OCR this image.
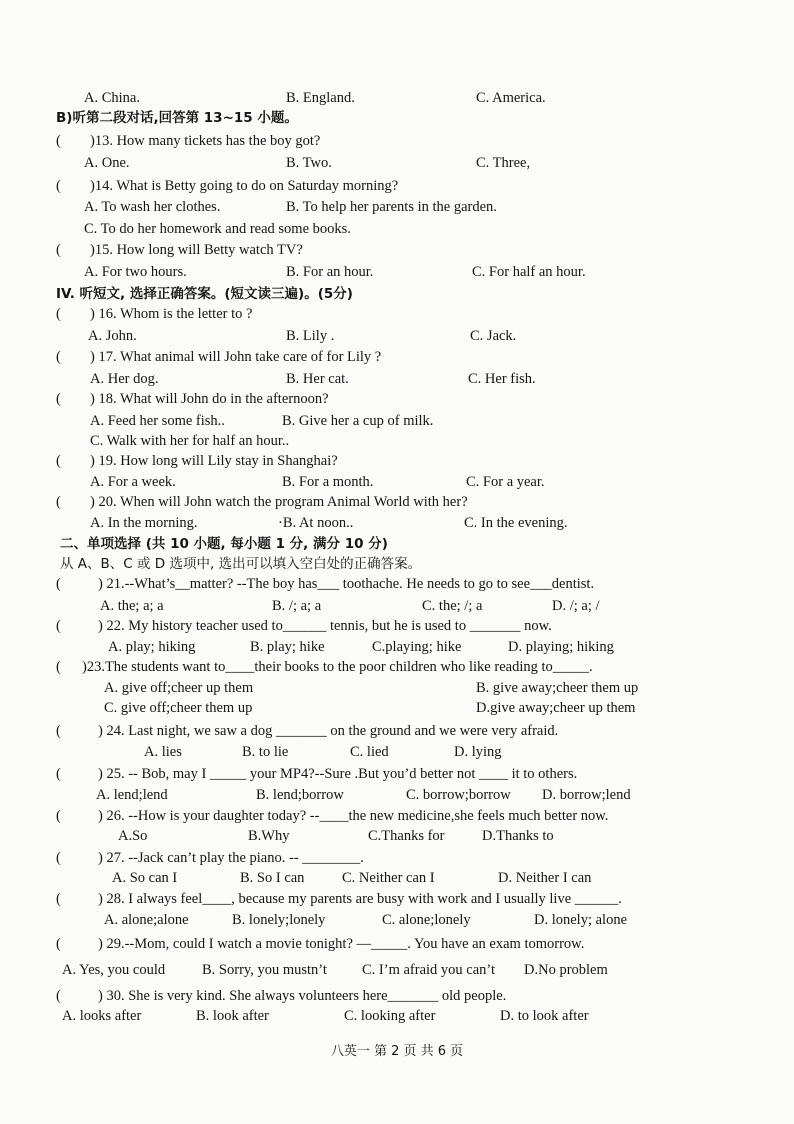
A. China.	B. England.	C. America.
B)听第二段对话,回答第 13~15 小题。
(	)13. How many tickets has the boy got?
A. One.	B. Two.	C. Three,
(	)14. What is Betty going to do on Saturday morning?
A. To wash her clothes.	B. To help her parents in the garden.
C. To do her homework and read some books.
(	)15. How long will Betty watch TV?
A. For two hours.	B. For an hour.	C. For half an hour.
IV. 听短文, 选择正确答案。(短文读三遍)。(5分)
(	) 16. Whom is the letter to ?
A. John.	B. Lily .	C. Jack.
(	) 17. What animal will John take care of for Lily ?
A. Her dog.	B. Her cat.	C. Her fish.
(	) 18. What will John do in the afternoon?
A. Feed her some fish..	B. Give her a cup of milk.
C. Walk with her for half an hour..
(	) 19. How long will Lily stay in Shanghai?
A. For a week.	B. For a month.	C. For a year.
(	) 20. When will John watch the program Animal World with her?
A. In the morning.	·B. At noon..	C. In the evening.
二、单项选择 (共 10 小题, 每小题 1 分, 满分 10 分)
从 A、B、C 或 D 选项中, 选出可以填入空白处的正确答案。
(	) 21.--What’s__matter? --The boy has___ toothache. He needs to go to see___dentist.
A. the; a; a	B. /; a; a	C. the; /; a	D. /; a; /
(	) 22. My history teacher used to______ tennis, but he is used to _______ now.
A. play; hiking	B. play; hike	C.playing; hike	D. playing; hiking
(	)23.The students want to____their books to the poor children who like reading to_____.
A. give off;cheer up them	B. give away;cheer them up
C. give off;cheer them up	D.give away;cheer up them
(	) 24. Last night, we saw a dog _______ on the ground and we were very afraid.
A. lies	B. to lie	C. lied	D. lying
(	) 25. -- Bob, may I _____ your MP4?--Sure .But you’d better not ____ it to others.
A. lend;lend	B. lend;borrow	C. borrow;borrow D. borrow;lend
(	) 26. --How is your daughter today? --____the new medicine,she feels much better now.
A.So	B.Why	C.Thanks for	D.Thanks to
(	) 27. --Jack can’t play the piano. -- ________.
A. So can I	B. So I can	C. Neither can I	D. Neither I can
(	) 28. I always feel____, because my parents are busy with work and I usually live ______.
A. alone;alone	B. lonely;lonely	C. alone;lonely	D. lonely; alone
(	) 29.--Mom, could I watch a movie tonight? —_____. You have an exam tomorrow.
A. Yes, you could	B. Sorry, you mustn’t C. I’m afraid you can’t D.No problem
(	) 30. She is very kind. She always volunteers here_______ old people.
A. looks after	B. look after	C. looking after	D. to look after
八英一 第 2 页 共 6 页
